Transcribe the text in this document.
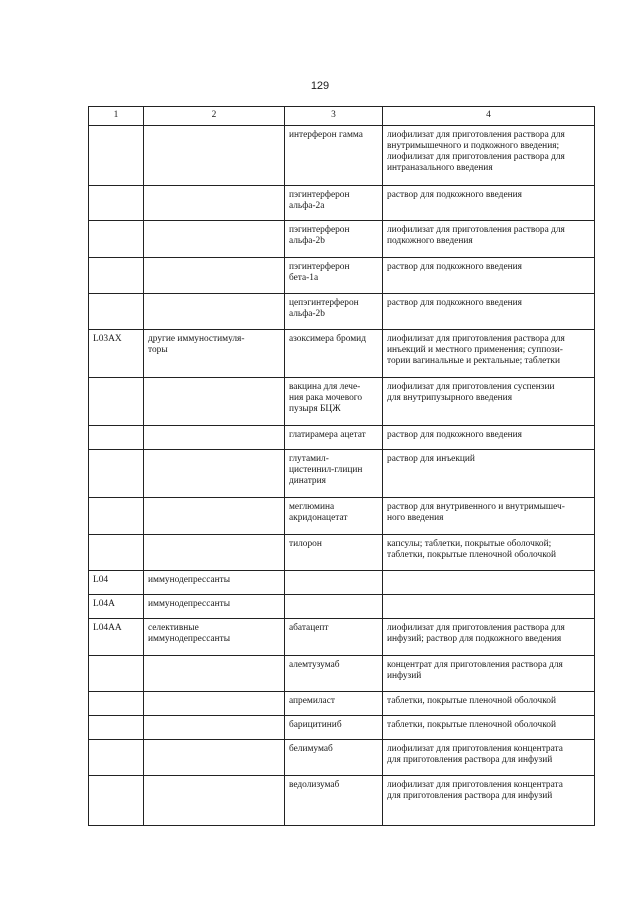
129
1	2	3	4

		интерферон гамма	лиофилизат для приготовления раствора для
внутримышечного и подкожного введения;
лиофилизат для приготовления раствора для
интраназального введения

		пэгинтерферон
альфа-2а	раствор для подкожного введения

		пэгинтерферон
альфа-2b	лиофилизат для приготовления раствора для
подкожного введения

		пэгинтерферон
бета-1а	раствор для подкожного введения

		цепэгинтерферон
альфа-2b	раствор для подкожного введения

L03AX	другие иммуностимуля-
торы	азоксимера бромид	лиофилизат для приготовления раствора для
инъекций и местного применения; суппози-
тории вагинальные и ректальные; таблетки

		вакцина для лече-
ния рака мочевого
пузыря БЦЖ	лиофилизат для приготовления суспензии
для внутрипузырного введения

		глатирамера ацетат	раствор для подкожного введения

		глутамил-
цистеинил-глицин
динатрия	раствор для инъекций

		меглюмина
акридонацетат	раствор для внутривенного и внутримышеч-
ного введения

		тилорон	капсулы; таблетки, покрытые оболочкой;
таблетки, покрытые пленочной оболочкой

L04	иммунодепрессанты		

L04A	иммунодепрессанты		

L04AA	селективные
иммунодепрессанты	абатацепт	лиофилизат для приготовления раствора для
инфузий; раствор для подкожного введения

		алемтузумаб	концентрат для приготовления раствора для
инфузий

		апремиласт	таблетки, покрытые пленочной оболочкой

		барицитиниб	таблетки, покрытые пленочной оболочкой

		белимумаб	лиофилизат для приготовления концентрата
для приготовления раствора для инфузий

		ведолизумаб	лиофилизат для приготовления концентрата
для приготовления раствора для инфузий
